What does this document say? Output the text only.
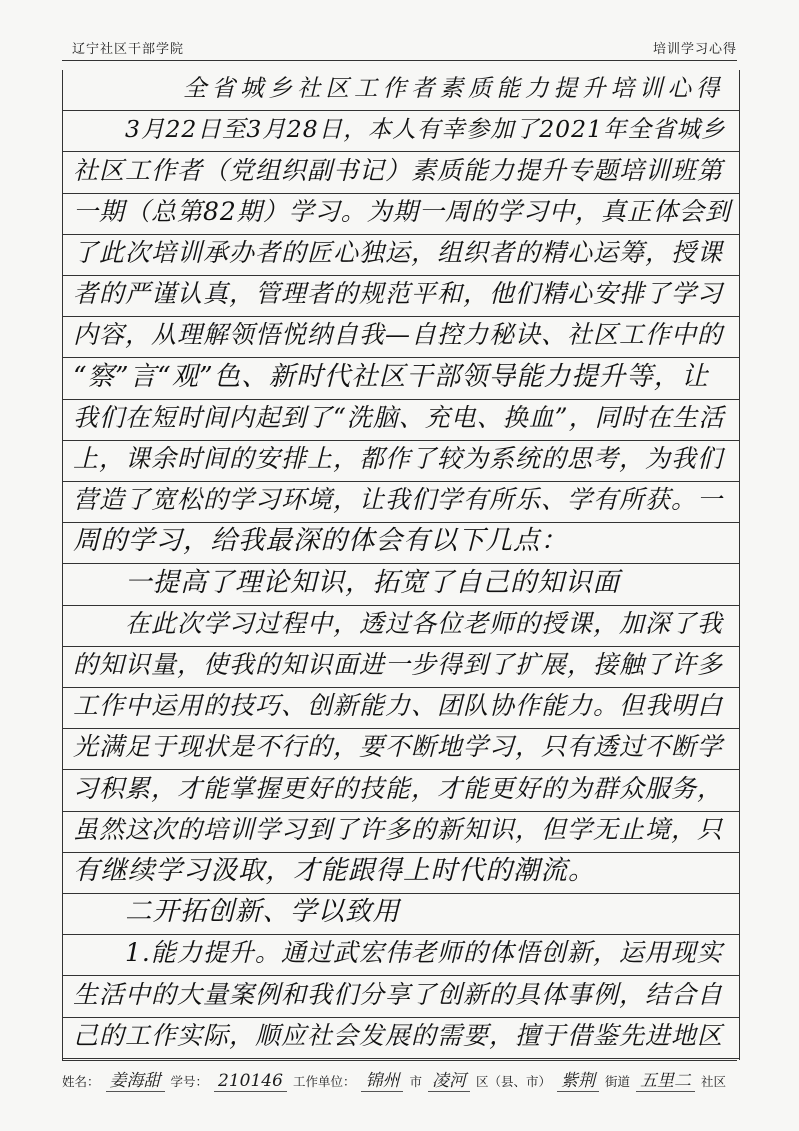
辽宁社区干部学院	培训学习心得
全省城乡社区工作者素质能力提升培训心得
3月22日至3月28日，本人有幸参加了2021年全省城乡
社区工作者（党组织副书记）素质能力提升专题培训班第
一期（总第82期）学习。为期一周的学习中，真正体会到
了此次培训承办者的匠心独运，组织者的精心运筹，授课
者的严谨认真，管理者的规范平和，他们精心安排了学习
内容，从理解领悟悦纳自我—自控力秘诀、社区工作中的
“察”言“观”色、新时代社区干部领导能力提升等，让
我们在短时间内起到了“洗脑、充电、换血”，同时在生活
上，课余时间的安排上，都作了较为系统的思考，为我们
营造了宽松的学习环境，让我们学有所乐、学有所获。一
周的学习，给我最深的体会有以下几点：
一提高了理论知识，拓宽了自己的知识面
在此次学习过程中，透过各位老师的授课，加深了我
的知识量，使我的知识面进一步得到了扩展，接触了许多
工作中运用的技巧、创新能力、团队协作能力。但我明白
光满足于现状是不行的，要不断地学习，只有透过不断学
习积累，才能掌握更好的技能，才能更好的为群众服务，
虽然这次的培训学习到了许多的新知识，但学无止境，只
有继续学习汲取，才能跟得上时代的潮流。
二开拓创新、学以致用
1.能力提升。通过武宏伟老师的体悟创新，运用现实
生活中的大量案例和我们分享了创新的具体事例，结合自
己的工作实际，顺应社会发展的需要，擅于借鉴先进地区
姓名： 姜海甜 学号： 210146 工作单位： 锦州 市 凌河 区（县、市） 紫荆 街道 五里二 社区
